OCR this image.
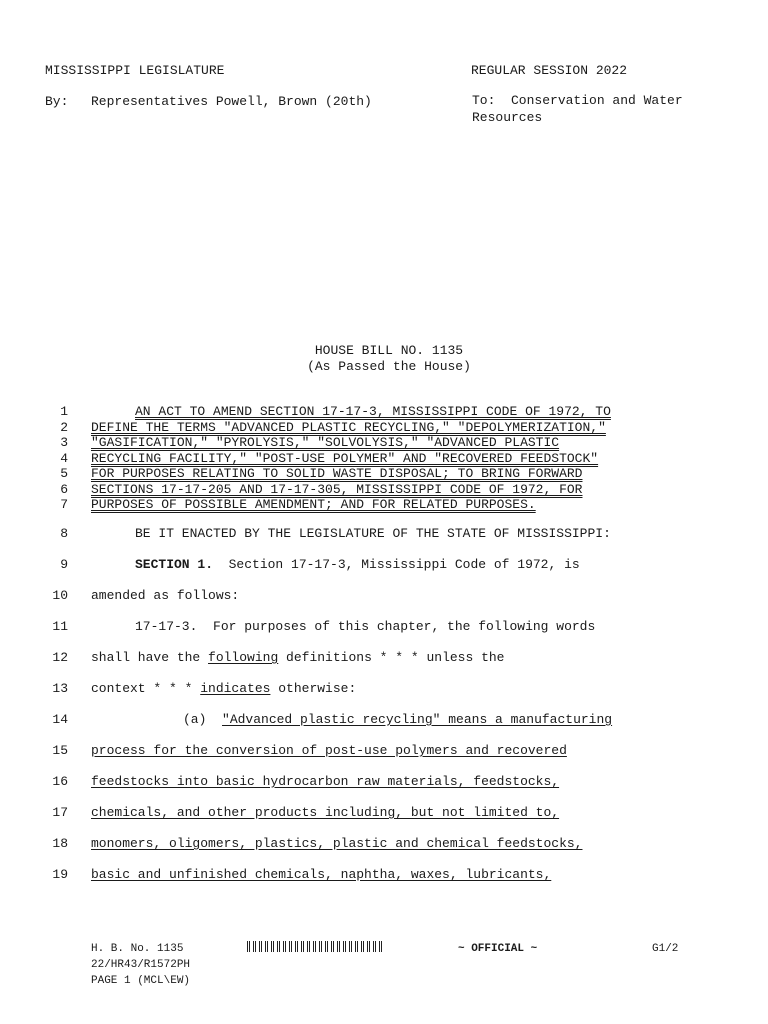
MISSISSIPPI LEGISLATURE	REGULAR SESSION 2022
By: Representatives Powell, Brown (20th)	To:  Conservation and Water
Resources
HOUSE BILL NO. 1135
(As Passed the House)
1	AN ACT TO AMEND SECTION 17-17-3, MISSISSIPPI CODE OF 1972, TO
2 DEFINE THE TERMS "ADVANCED PLASTIC RECYCLING," "DEPOLYMERIZATION,"
3 "GASIFICATION," "PYROLYSIS," "SOLVOLYSIS," "ADVANCED PLASTIC
4 RECYCLING FACILITY," "POST-USE POLYMER" AND "RECOVERED FEEDSTOCK"
5 FOR PURPOSES RELATING TO SOLID WASTE DISPOSAL; TO BRING FORWARD
6 SECTIONS 17-17-205 AND 17-17-305, MISSISSIPPI CODE OF 1972, FOR
7 PURPOSES OF POSSIBLE AMENDMENT; AND FOR RELATED PURPOSES.
8	BE IT ENACTED BY THE LEGISLATURE OF THE STATE OF MISSISSIPPI:
9	SECTION 1.  Section 17-17-3, Mississippi Code of 1972, is
10 amended as follows:
11	17-17-3.  For purposes of this chapter, the following words
12 shall have the following definitions * * * unless the
13 context * * * indicates otherwise:
14	(a)  "Advanced plastic recycling" means a manufacturing
15 process for the conversion of post-use polymers and recovered
16 feedstocks into basic hydrocarbon raw materials, feedstocks,
17 chemicals, and other products including, but not limited to,
18 monomers, oligomers, plastics, plastic and chemical feedstocks,
19 basic and unfinished chemicals, naphtha, waxes, lubricants,
H. B. No. 1135	~ OFFICIAL ~	G1/2
22/HR43/R1572PH
PAGE 1 (MCL\EW)
